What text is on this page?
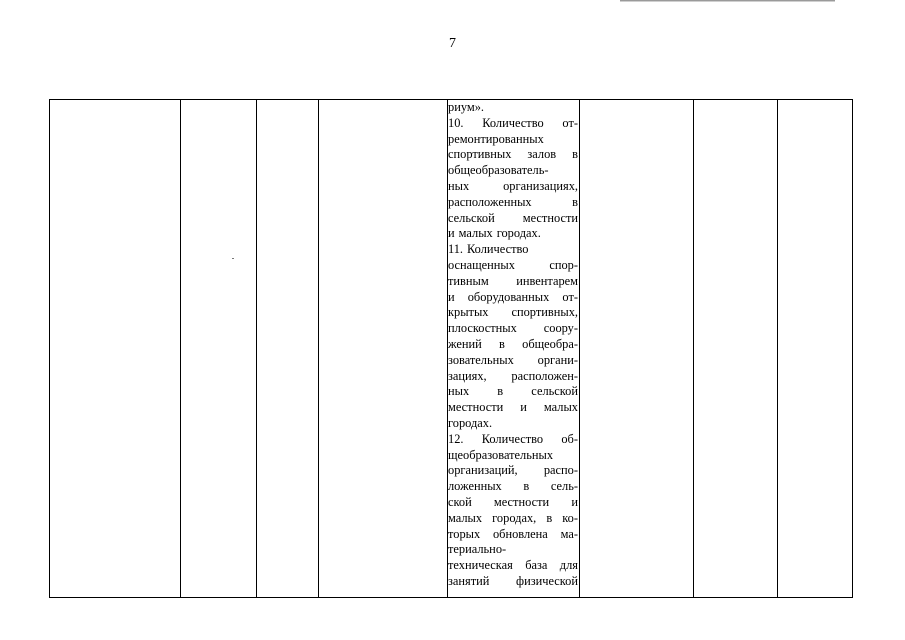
7
риум».
10. Количество от-
ремонтированных
спортивных залов в
общеобразователь-
ных	организациях,
расположенных	в
сельской местности
и малых городах.
11. Количество
оснащенных	спор-
тивным инвентарем
и оборудованных от-
крытых спортивных,
плоскостных соору-
жений в общеобра-
зовательных органи-
зациях, расположен-
ных в сельской
местности и малых
городах.
12. Количество об-
щеобразовательных
организаций, распо-
ложенных в сель-
ской местности и
малых городах, в ко-
торых обновлена ма-
териально-
техническая база для
занятий физической
